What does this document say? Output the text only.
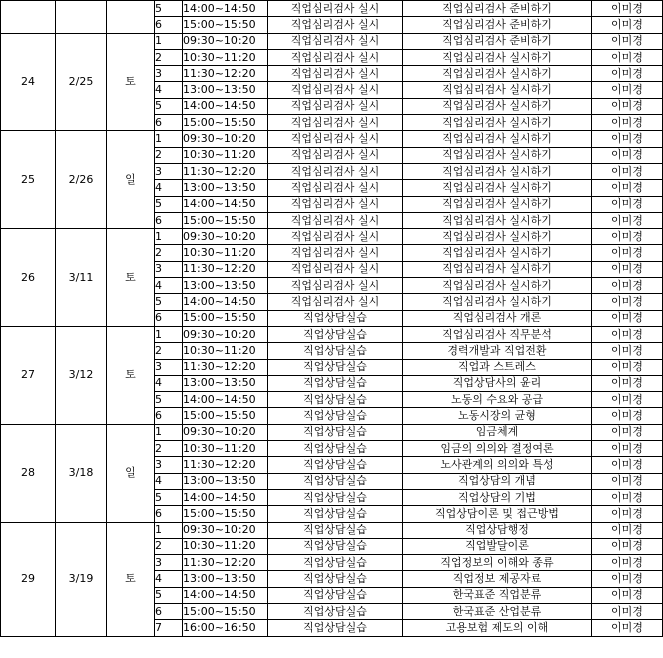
			5	14:00~14:50	직업심리검사 실시	직업심리검사 준비하기	이미경
			6	15:00~15:50	직업심리검사 실시	직업심리검사 준비하기	이미경
24	2/25	토	1	09:30~10:20	직업심리검사 실시	직업심리검사 준비하기	이미경
			2	10:30~11:20	직업심리검사 실시	직업심리검사 실시하기	이미경
			3	11:30~12:20	직업심리검사 실시	직업심리검사 실시하기	이미경
			4	13:00~13:50	직업심리검사 실시	직업심리검사 실시하기	이미경
			5	14:00~14:50	직업심리검사 실시	직업심리검사 실시하기	이미경
			6	15:00~15:50	직업심리검사 실시	직업심리검사 실시하기	이미경
25	2/26	일	1	09:30~10:20	직업심리검사 실시	직업심리검사 실시하기	이미경
			2	10:30~11:20	직업심리검사 실시	직업심리검사 실시하기	이미경
			3	11:30~12:20	직업심리검사 실시	직업심리검사 실시하기	이미경
			4	13:00~13:50	직업심리검사 실시	직업심리검사 실시하기	이미경
			5	14:00~14:50	직업심리검사 실시	직업심리검사 실시하기	이미경
			6	15:00~15:50	직업심리검사 실시	직업심리검사 실시하기	이미경
26	3/11	토	1	09:30~10:20	직업심리검사 실시	직업심리검사 실시하기	이미경
			2	10:30~11:20	직업심리검사 실시	직업심리검사 실시하기	이미경
			3	11:30~12:20	직업심리검사 실시	직업심리검사 실시하기	이미경
			4	13:00~13:50	직업심리검사 실시	직업심리검사 실시하기	이미경
			5	14:00~14:50	직업심리검사 실시	직업심리검사 실시하기	이미경
			6	15:00~15:50	직업상담실습	직업심리검사 개론	이미경
27	3/12	토	1	09:30~10:20	직업상담실습	직업심리검사 직무분석	이미경
			2	10:30~11:20	직업상담실습	경력개발과 직업전환	이미경
			3	11:30~12:20	직업상담실습	직업과 스트레스	이미경
			4	13:00~13:50	직업상담실습	직업상담사의 윤리	이미경
			5	14:00~14:50	직업상담실습	노동의 수요와 공급	이미경
			6	15:00~15:50	직업상담실습	노동시장의 균형	이미경
28	3/18	일	1	09:30~10:20	직업상담실습	임금체계	이미경
			2	10:30~11:20	직업상담실습	임금의 의의와 결정여론	이미경
			3	11:30~12:20	직업상담실습	노사관계의 의의와 특성	이미경
			4	13:00~13:50	직업상담실습	직업상담의 개념	이미경
			5	14:00~14:50	직업상담실습	직업상담의 기법	이미경
			6	15:00~15:50	직업상담실습	직업상담이론 및 접근방법	이미경
29	3/19	토	1	09:30~10:20	직업상담실습	직업상담행정	이미경
			2	10:30~11:20	직업상담실습	직업발달이론	이미경
			3	11:30~12:20	직업상담실습	직업정보의 이해와 종류	이미경
			4	13:00~13:50	직업상담실습	직업정보 제공자료	이미경
			5	14:00~14:50	직업상담실습	한국표준 직업분류	이미경
			6	15:00~15:50	직업상담실습	한국표준 산업분류	이미경
			7	16:00~16:50	직업상담실습	고용보험 제도의 이해	이미경
